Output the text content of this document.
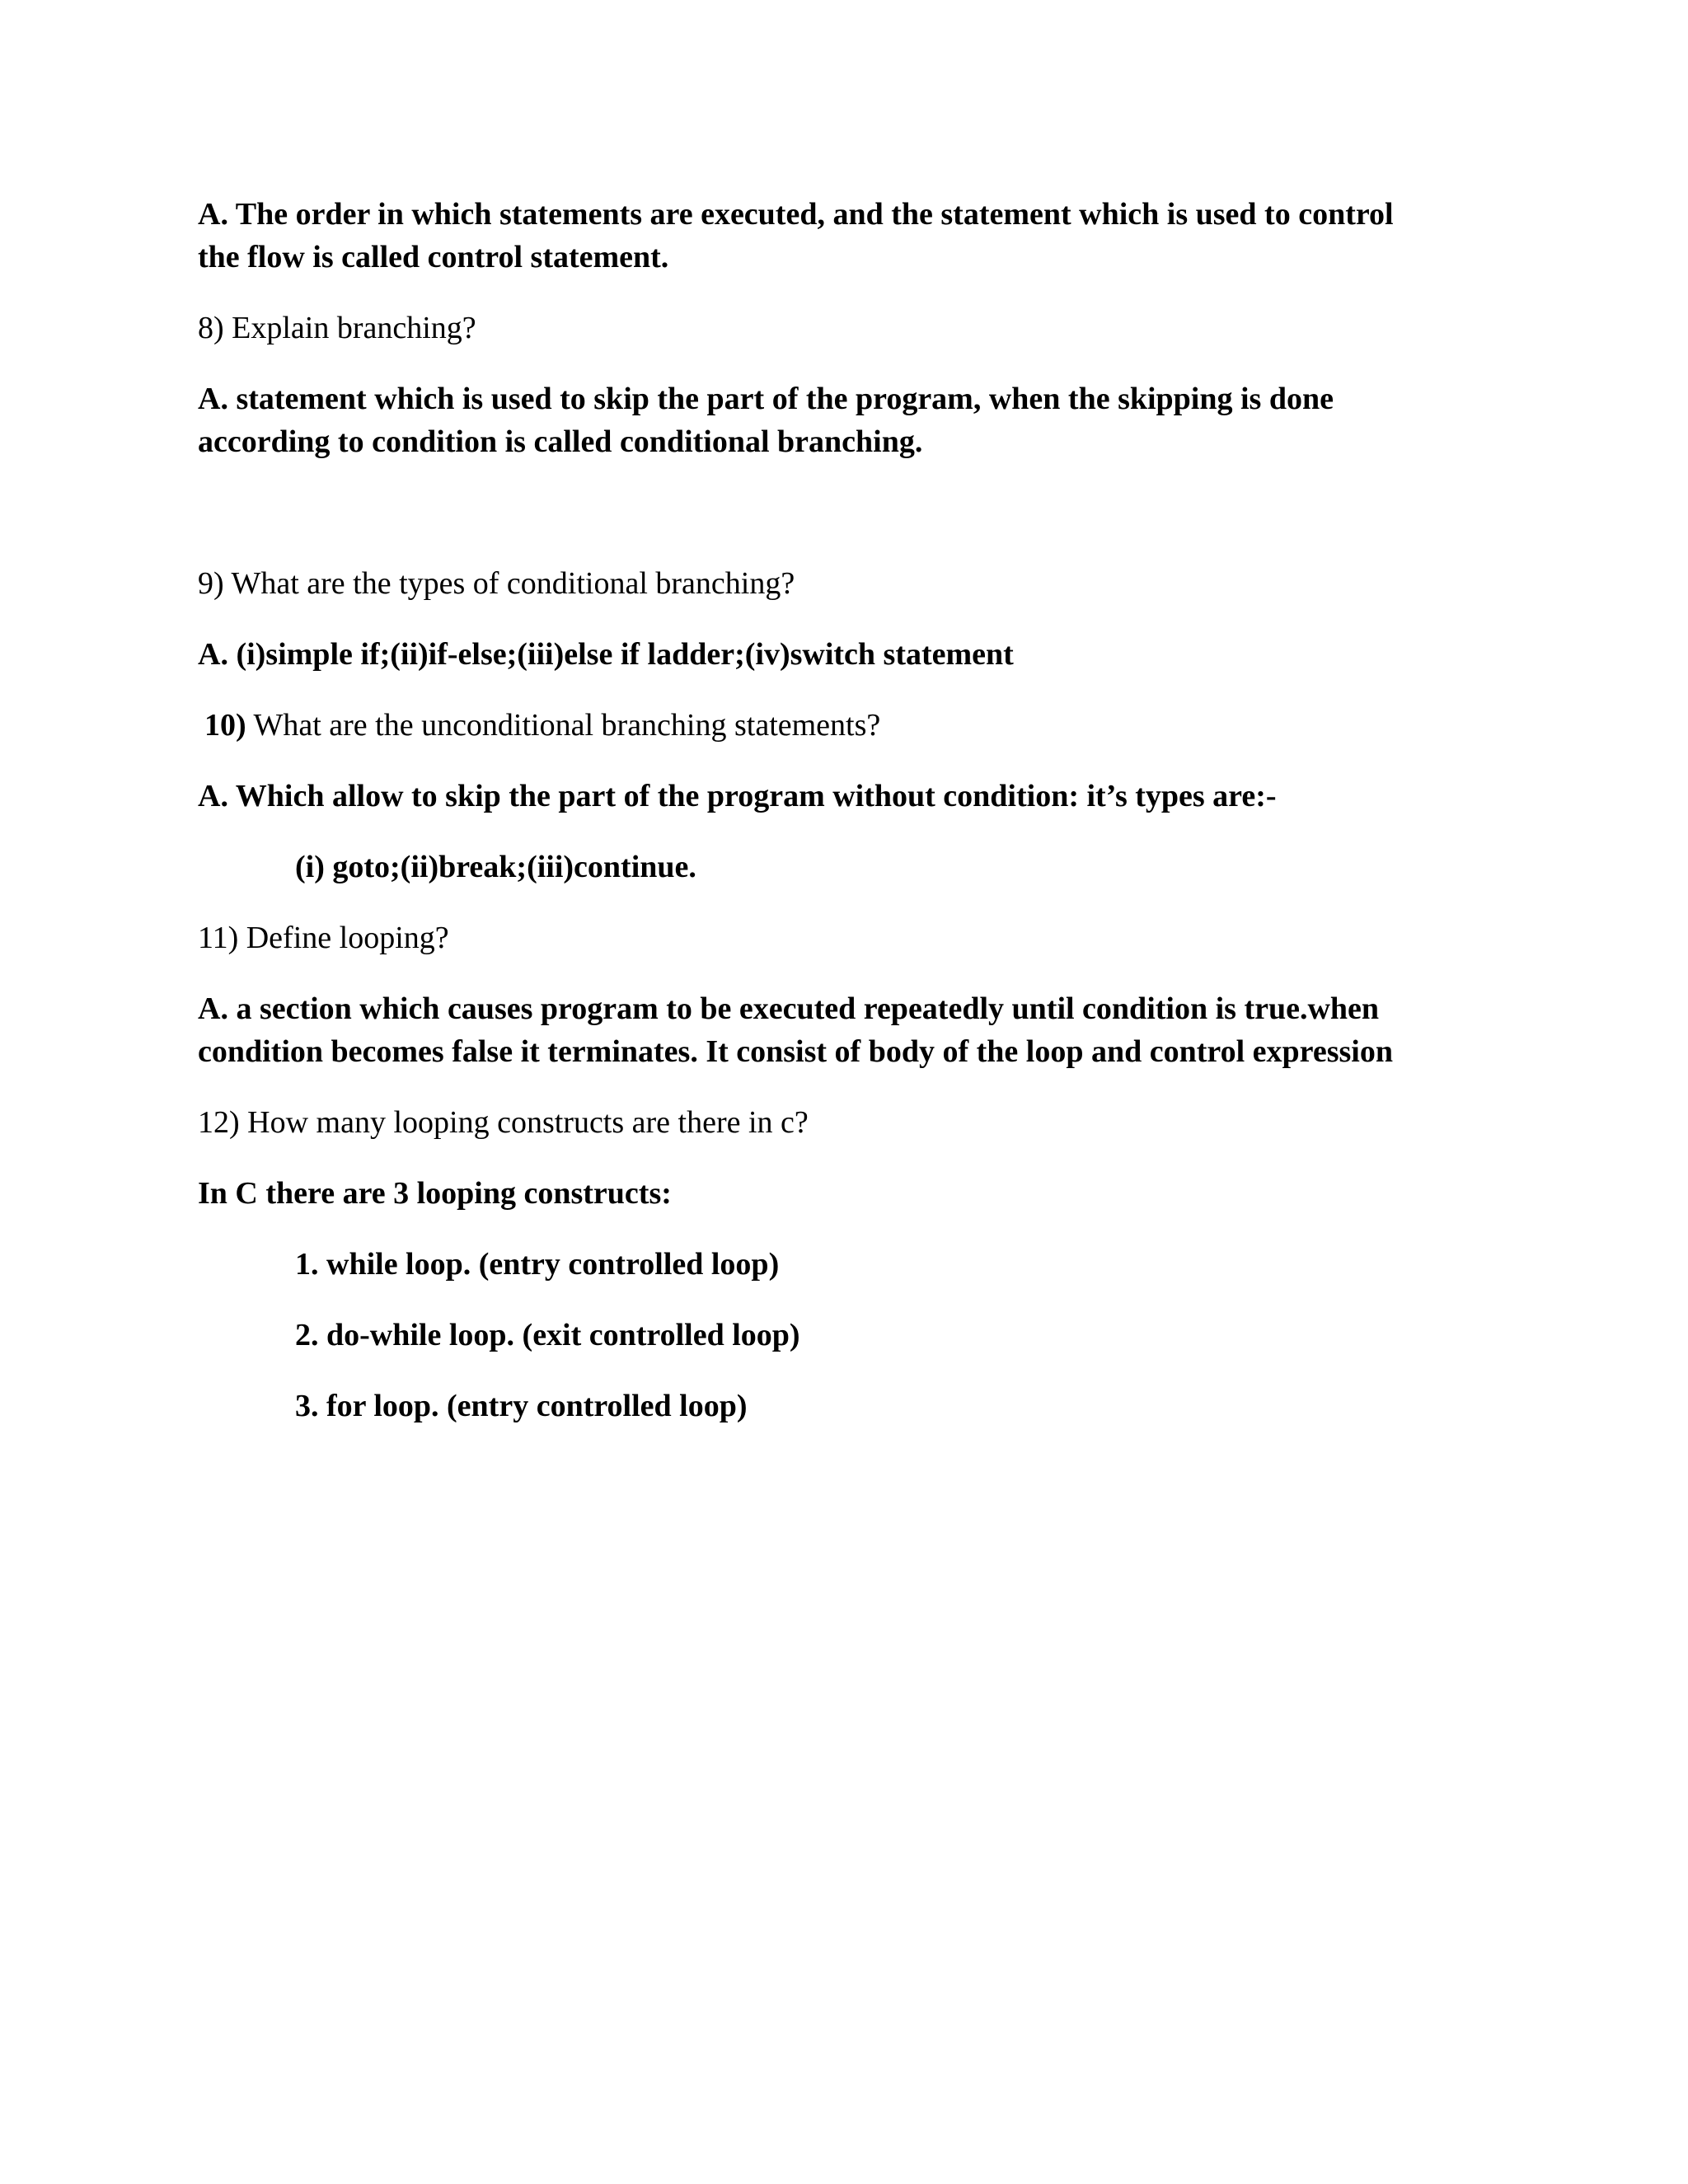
A. The order in which statements are executed, and the statement which is used to control
the flow is called control statement.
8) Explain branching?
A. statement which is used to skip the part of the program, when the skipping is done
according to condition is called conditional branching.
9) What are the types of conditional branching?
A. (i)simple if;(ii)if-else;(iii)else if ladder;(iv)switch statement
10) What are the unconditional branching statements?
A. Which allow to skip the part of the program without condition: it’s types are:-
(i) goto;(ii)break;(iii)continue.
11) Define looping?
A. a section which causes program to be executed repeatedly until condition is true.when
condition becomes false it terminates. It consist of body of the loop and control expression
12) How many looping constructs are there in c?
In C there are 3 looping constructs:
1. while loop. (entry controlled loop)
2. do-while loop. (exit controlled loop)
3. for loop. (entry controlled loop)
